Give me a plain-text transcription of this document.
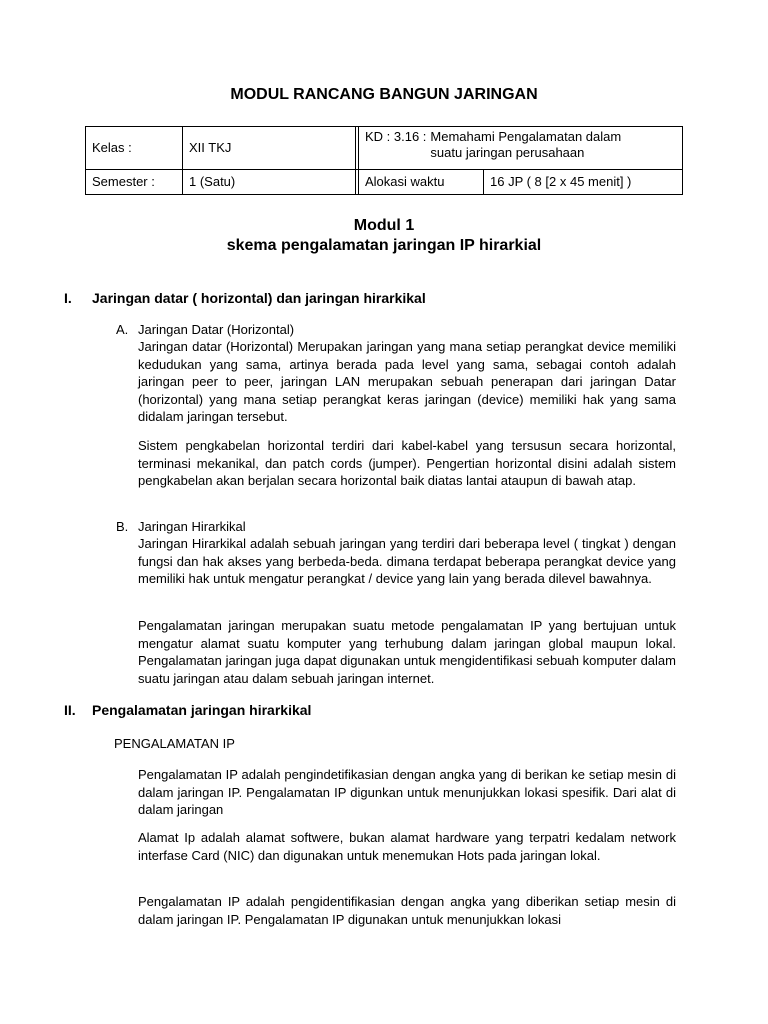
MODUL RANCANG BANGUN JARINGAN
Kelas :	XII TKJ		KD : 3.16 : Memahami Pengalamatan dalam suatu jaringan perusahaan	

Semester :	1 (Satu)		Alokasi waktu	16 JP ( 8 [2 x 45 menit] )
Modul 1
skema pengalamatan jaringan IP hirarkial
I. Jaringan datar ( horizontal) dan jaringan hirarkikal
A. Jaringan Datar (Horizontal)

Jaringan datar (Horizontal) Merupakan jaringan yang mana setiap perangkat device memiliki kedudukan yang sama, artinya berada pada level yang sama, sebagai contoh adalah jaringan peer to peer, jaringan LAN merupakan sebuah penerapan dari jaringan Datar (horizontal) yang mana setiap perangkat keras jaringan (device) memiliki hak yang sama didalam jaringan tersebut.

Sistem pengkabelan horizontal terdiri dari kabel-kabel yang tersusun secara horizontal, terminasi mekanikal, dan patch cords (jumper). Pengertian horizontal disini adalah sistem pengkabelan akan berjalan secara horizontal baik diatas lantai ataupun di bawah atap.

B. Jaringan Hirarkikal

Jaringan Hirarkikal adalah sebuah jaringan yang terdiri dari beberapa level ( tingkat ) dengan fungsi dan hak akses yang berbeda-beda. dimana terdapat beberapa perangkat device yang memiliki hak untuk mengatur perangkat / device yang lain yang berada dilevel bawahnya.

Pengalamatan jaringan merupakan suatu metode pengalamatan IP yang bertujuan untuk mengatur alamat suatu komputer yang terhubung dalam jaringan global maupun lokal. Pengalamatan jaringan juga dapat digunakan untuk mengidentifikasi sebuah komputer dalam suatu jaringan atau dalam sebuah jaringan internet.

II. Pengalamatan jaringan hirarkikal
PENGALAMATAN IP

Pengalamatan IP adalah pengindetifikasian dengan angka yang di berikan ke setiap mesin di dalam jaringan IP. Pengalamatan IP digunkan untuk menunjukkan lokasi spesifik. Dari alat di dalam jaringan

Alamat Ip adalah alamat softwere, bukan alamat hardware yang terpatri kedalam network interfase Card (NIC) dan digunakan untuk menemukan Hots pada jaringan lokal.

Pengalamatan IP adalah pengidentifikasian dengan angka yang diberikan setiap mesin di dalam jaringan IP. Pengalamatan IP digunakan untuk menunjukkan lokasi
